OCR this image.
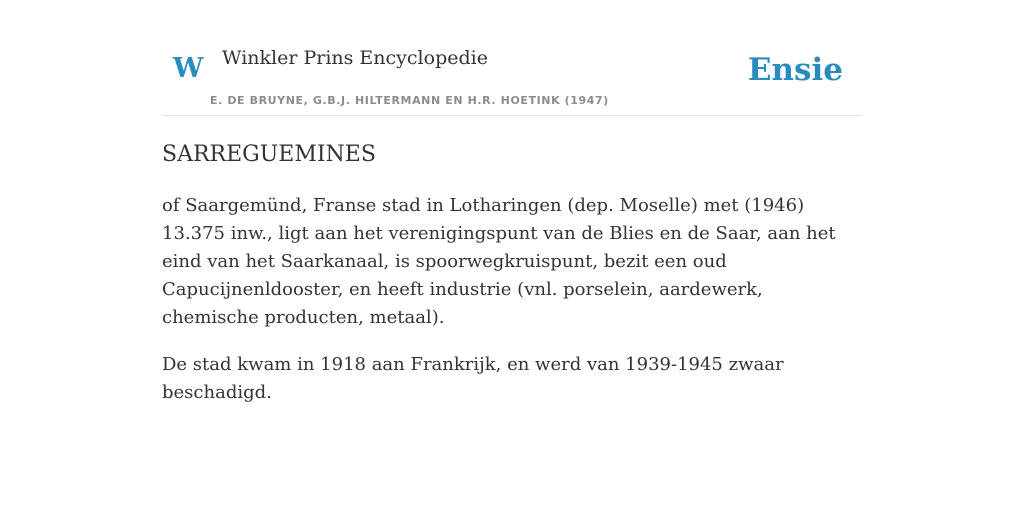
W Winkler Prins Encyclopedie
E. DE BRUYNE, G.B.J. HILTERMANN EN H.R. HOETINK (1947)
Ensie
SARREGUEMINES

of Saargemünd, Franse stad in Lotharingen (dep. Moselle) met (1946) 13.375 inw., ligt aan het verenigingspunt van de Blies en de Saar, aan het eind van het Saarkanaal, is spoorwegkruispunt, bezit een oud Capucijnenldooster, en heeft industrie (vnl. porselein, aardewerk, chemische producten, metaal).

De stad kwam in 1918 aan Frankrijk, en werd van 1939-1945 zwaar beschadigd.
